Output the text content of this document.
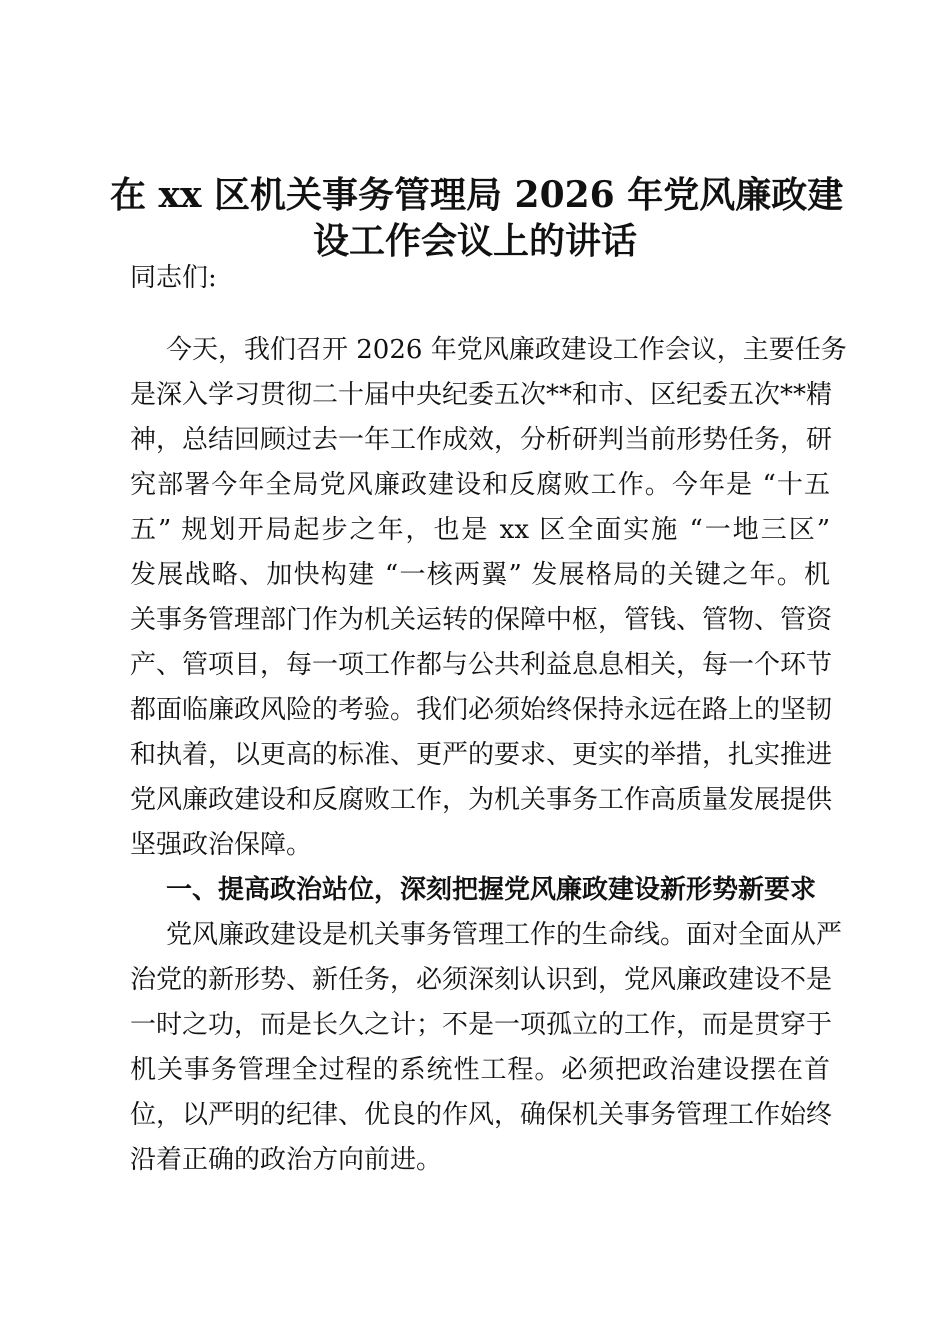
在 xx 区机关事务管理局 2026 年党风廉政建
设工作会议上的讲话

同志们:

今天，我们召开 2026 年党风廉政建设工作会议，主要任务

是深入学习贯彻二十届中央纪委五次**和市、区纪委五次**精

神，总结回顾过去一年工作成效，分析研判当前形势任务，研

究部署今年全局党风廉政建设和反腐败工作。今年是 “十五

五” 规划开局起步之年，也是 xx 区全面实施 “一地三区”

发展战略、加快构建 “一核两翼” 发展格局的关键之年。机

关事务管理部门作为机关运转的保障中枢，管钱、管物、管资

产、管项目，每一项工作都与公共利益息息相关，每一个环节

都面临廉政风险的考验。我们必须始终保持永远在路上的坚韧

和执着，以更高的标准、更严的要求、更实的举措，扎实推进

党风廉政建设和反腐败工作，为机关事务工作高质量发展提供

坚强政治保障。

一、提高政治站位，深刻把握党风廉政建设新形势新要求

党风廉政建设是机关事务管理工作的生命线。面对全面从严

治党的新形势、新任务，必须深刻认识到，党风廉政建设不是

一时之功，而是长久之计；不是一项孤立的工作，而是贯穿于

机关事务管理全过程的系统性工程。必须把政治建设摆在首

位，以严明的纪律、优良的作风，确保机关事务管理工作始终

沿着正确的政治方向前进。
